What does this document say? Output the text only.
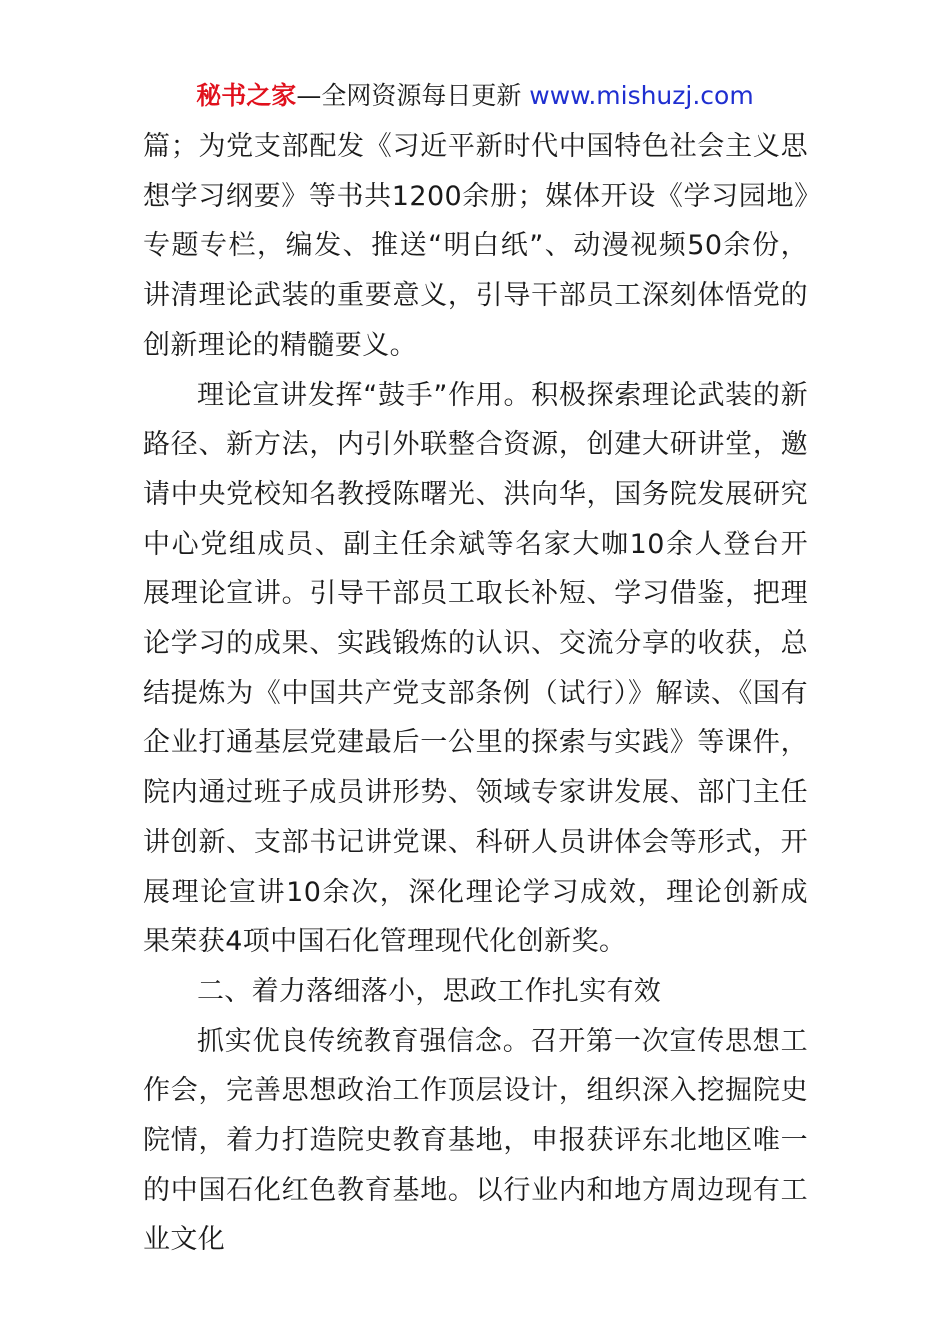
秘书之家—全网资源每日更新 www.mishuzj.com

篇；为党支部配发《习近平新时代中国特色社会主义思想学习纲要》等书共1200余册；媒体开设《学习园地》专题专栏，编发、推送“明白纸”、动漫视频50余份，讲清理论武装的重要意义，引导干部员工深刻体悟党的创新理论的精髓要义。

理论宣讲发挥“鼓手”作用。积极探索理论武装的新路径、新方法，内引外联整合资源，创建大研讲堂，邀请中央党校知名教授陈曙光、洪向华，国务院发展研究中心党组成员、副主任余斌等名家大咖10余人登台开展理论宣讲。引导干部员工取长补短、学习借鉴，把理论学习的成果、实践锻炼的认识、交流分享的收获，总结提炼为《中国共产党支部条例（试行）》解读、《国有企业打通基层党建最后一公里的探索与实践》等课件，院内通过班子成员讲形势、领域专家讲发展、部门主任讲创新、支部书记讲党课、科研人员讲体会等形式，开展理论宣讲10余次，深化理论学习成效，理论创新成果荣获4项中国石化管理现代化创新奖。

二、着力落细落小，思政工作扎实有效

抓实优良传统教育强信念。召开第一次宣传思想工作会，完善思想政治工作顶层设计，组织深入挖掘院史院情，着力打造院史教育基地，申报获评东北地区唯一的中国石化红色教育基地。以行业内和地方周边现有工业文化
